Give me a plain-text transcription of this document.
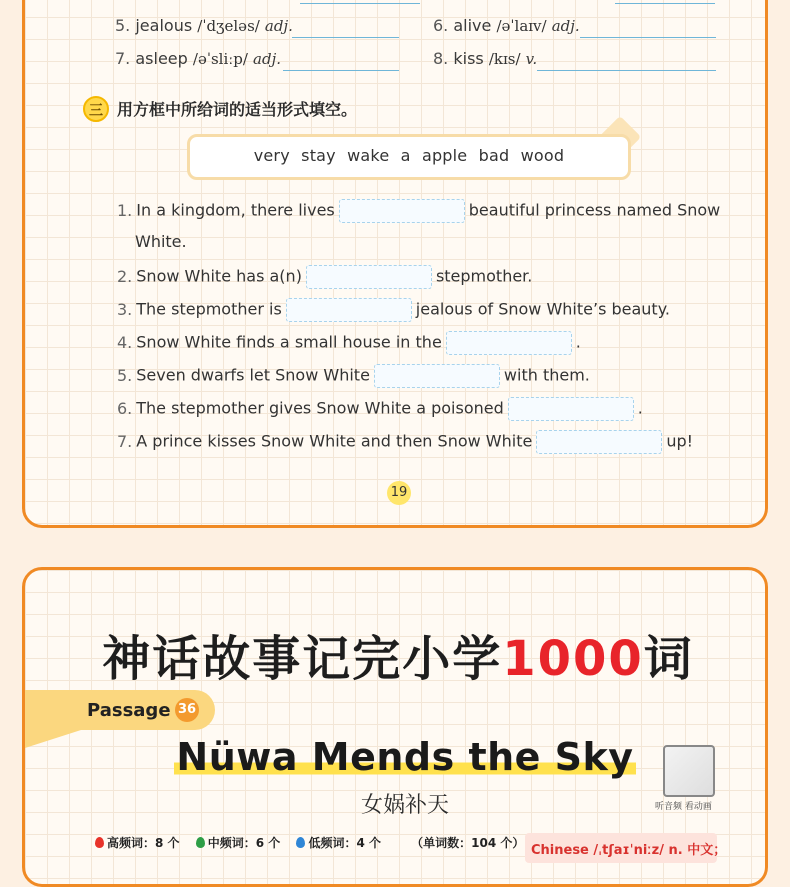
5. jealous /ˈdʒeləs/ adj.	6. alive /əˈlaɪv/ adj.
7. asleep /əˈsliːp/ adj.	8. kiss /kɪs/ v.
三 用方框中所给词的适当形式填空。
very stay wake a apple bad wood
1. In a kingdom, there lives	beautiful princess named Snow
White.
2. Snow White has a(n)	stepmother.
3. The stepmother is	jealous of Snow White’s beauty.
4. Snow White finds a small house in the	.
5. Seven dwarfs let Snow White	with them.
6. The stepmother gives Snow White a poisoned	.
7. A prince kisses Snow White and then Snow White	up!
19
神话故事记完小学1000词
Passage 36
Nüwa Mends the Sky
女娲补天	听音频 看动画
高频词：8 个 中频词：6 个 低频词：4 个	（单词数：104 个） Chinese /ˌtʃaɪˈniːz/ n. 中文；
